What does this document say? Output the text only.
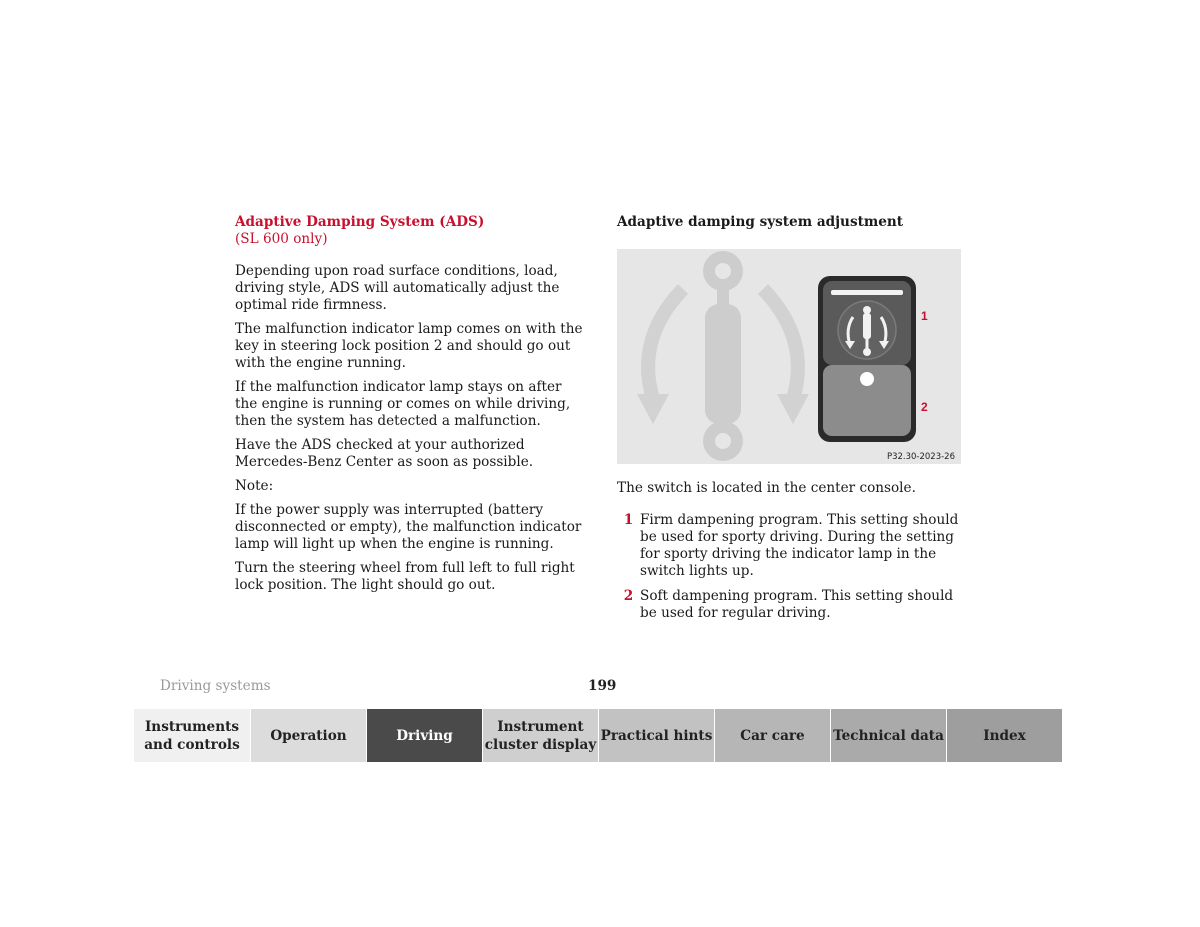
Adaptive Damping System (ADS)
(SL 600 only)

Depending upon road surface conditions, load, driving style, ADS will automatically adjust the optimal ride firmness.

The malfunction indicator lamp comes on with the key in steering lock position 2 and should go out with the engine running.

If the malfunction indicator lamp stays on after the engine is running or comes on while driving, then the system has detected a malfunction.

Have the ADS checked at your authorized Mercedes-Benz Center as soon as possible.

Note:

If the power supply was interrupted (battery disconnected or empty), the malfunction indicator lamp will light up when the engine is running.

Turn the steering wheel from full left to full right lock position. The light should go out.

Adaptive damping system adjustment

1
2
P32.30-2023-26
The switch is located in the center console.
1 Firm dampening program. This setting should be used for sporty driving. During the setting for sporty driving the indicator lamp in the switch lights up.
2 Soft dampening program. This setting should be used for regular driving.
Driving systems	199
Instruments and controls
Operation	Driving
Instrument cluster display
Practical hints Car care Technical data	Index
